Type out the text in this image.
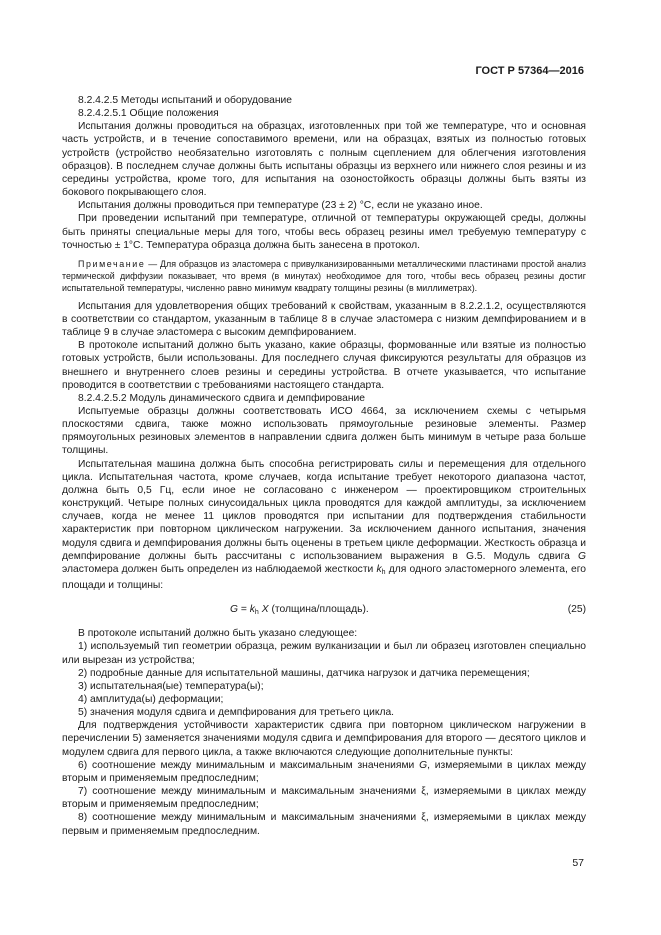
ГОСТ Р 57364—2016

8.2.4.2.5 Методы испытаний и оборудование

8.2.4.2.5.1 Общие положения

Испытания должны проводиться на образцах, изготовленных при той же температуре, что и основная часть устройств, и в течение сопоставимого времени, или на образцах, взятых из полностью готовых устройств (устройство необязательно изготовлять с полным сцеплением для облегчения изготовления образцов). В последнем случае должны быть испытаны образцы из верхнего или нижнего слоя резины и из середины устройства, кроме того, для испытания на озоностойкость образцы должны быть взяты из бокового покрывающего слоя.

Испытания должны проводиться при температуре (23 ± 2) °С, если не указано иное.

При проведении испытаний при температуре, отличной от температуры окружающей среды, должны быть приняты специальные меры для того, чтобы весь образец резины имел требуемую температуру с точностью ± 1°С. Температура образца должна быть занесена в протокол.

Примечание — Для образцов из эластомера с привулканизированными металлическими пластинами простой анализ термической диффузии показывает, что время (в минутах) необходимое для того, чтобы весь образец резины достиг испытательной температуры, численно равно минимум квадрату толщины резины (в миллиметрах).

Испытания для удовлетворения общих требований к свойствам, указанным в 8.2.2.1.2, осуществляются в соответствии со стандартом, указанным в таблице 8 в случае эластомера с низким демпфированием и в таблице 9 в случае эластомера с высоким демпфированием.

В протоколе испытаний должно быть указано, какие образцы, формованные или взятые из полностью готовых устройств, были использованы. Для последнего случая фиксируются результаты для образцов из внешнего и внутреннего слоев резины и середины устройства. В отчете указывается, что испытание проводится в соответствии с требованиями настоящего стандарта.

8.2.4.2.5.2 Модуль динамического сдвига и демпфирование

Испытуемые образцы должны соответствовать ИСО 4664, за исключением схемы с четырьмя плоскостями сдвига, также можно использовать прямоугольные резиновые элементы. Размер прямоугольных резиновых элементов в направлении сдвига должен быть минимум в четыре раза больше толщины.

Испытательная машина должна быть способна регистрировать силы и перемещения для отдельного цикла. Испытательная частота, кроме случаев, когда испытание требует некоторого диапазона частот, должна быть 0,5 Гц, если иное не согласовано с инженером — проектировщиком строительных конструкций. Четыре полных синусоидальных цикла проводятся для каждой амплитуды, за исключением случаев, когда не менее 11 циклов проводятся при испытании для подтверждения стабильности характеристик при повторном циклическом нагружении. За исключением данного испытания, значения модуля сдвига и демпфирования должны быть оценены в третьем цикле деформации. Жесткость образца и демпфирование должны быть рассчитаны с использованием выражения в G.5. Модуль сдвига G эластомера должен быть определен из наблюдаемой жесткости $k_h$ для одного эластомерного элемента, его площади и толщины:

$G = k_h$ X (толщина/площадь).	(25)

В протоколе испытаний должно быть указано следующее:

1) используемый тип геометрии образца, режим вулканизации и был ли образец изготовлен специально или вырезан из устройства;

2) подробные данные для испытательной машины, датчика нагрузок и датчика перемещения;

3) испытательная(ые) температура(ы);

4) амплитуда(ы) деформации;

5) значения модуля сдвига и демпфирования для третьего цикла.

Для подтверждения устойчивости характеристик сдвига при повторном циклическом нагружении в перечислении 5) заменяется значениями модуля сдвига и демпфирования для второго — десятого циклов и модулем сдвига для первого цикла, а также включаются следующие дополнительные пункты:

6) соотношение между минимальным и максимальным значениями G, измеряемыми в циклах между вторым и применяемым предпоследним;

7) соотношение между минимальным и максимальным значениями ξ, измеряемыми в циклах между вторым и применяемым предпоследним;

8) соотношение между минимальным и максимальным значениями ξ, измеряемыми в циклах между первым и применяемым предпоследним.

57
